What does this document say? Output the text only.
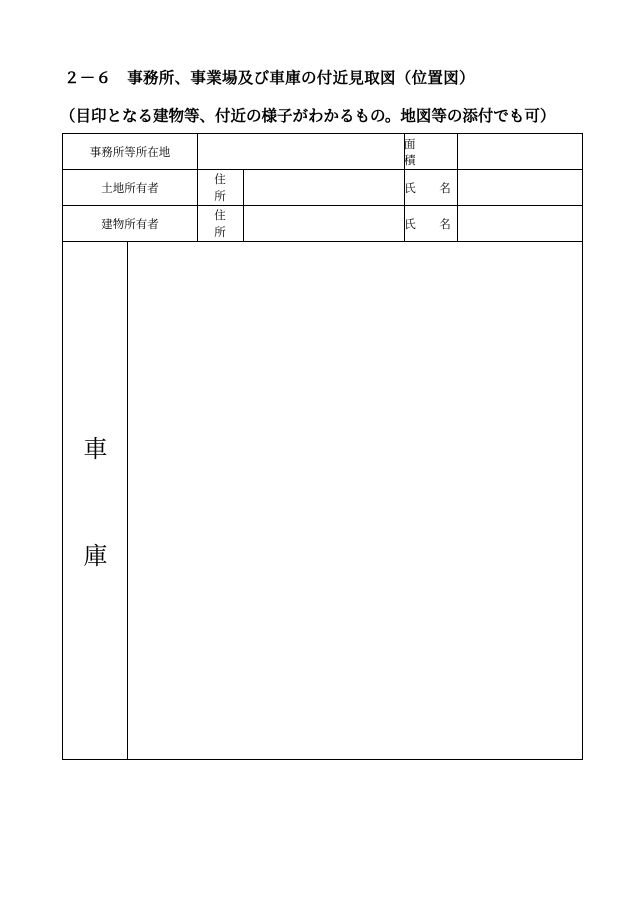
２－６　事務所、事業場及び車庫の付近見取図（位置図）
（目印となる建物等、付近の様子がわかるもの。地図等の添付でも可）
事務所等所在地
面　積
土地所有者
住
所
氏　名
建物所有者
住
所
氏　名
車
庫
